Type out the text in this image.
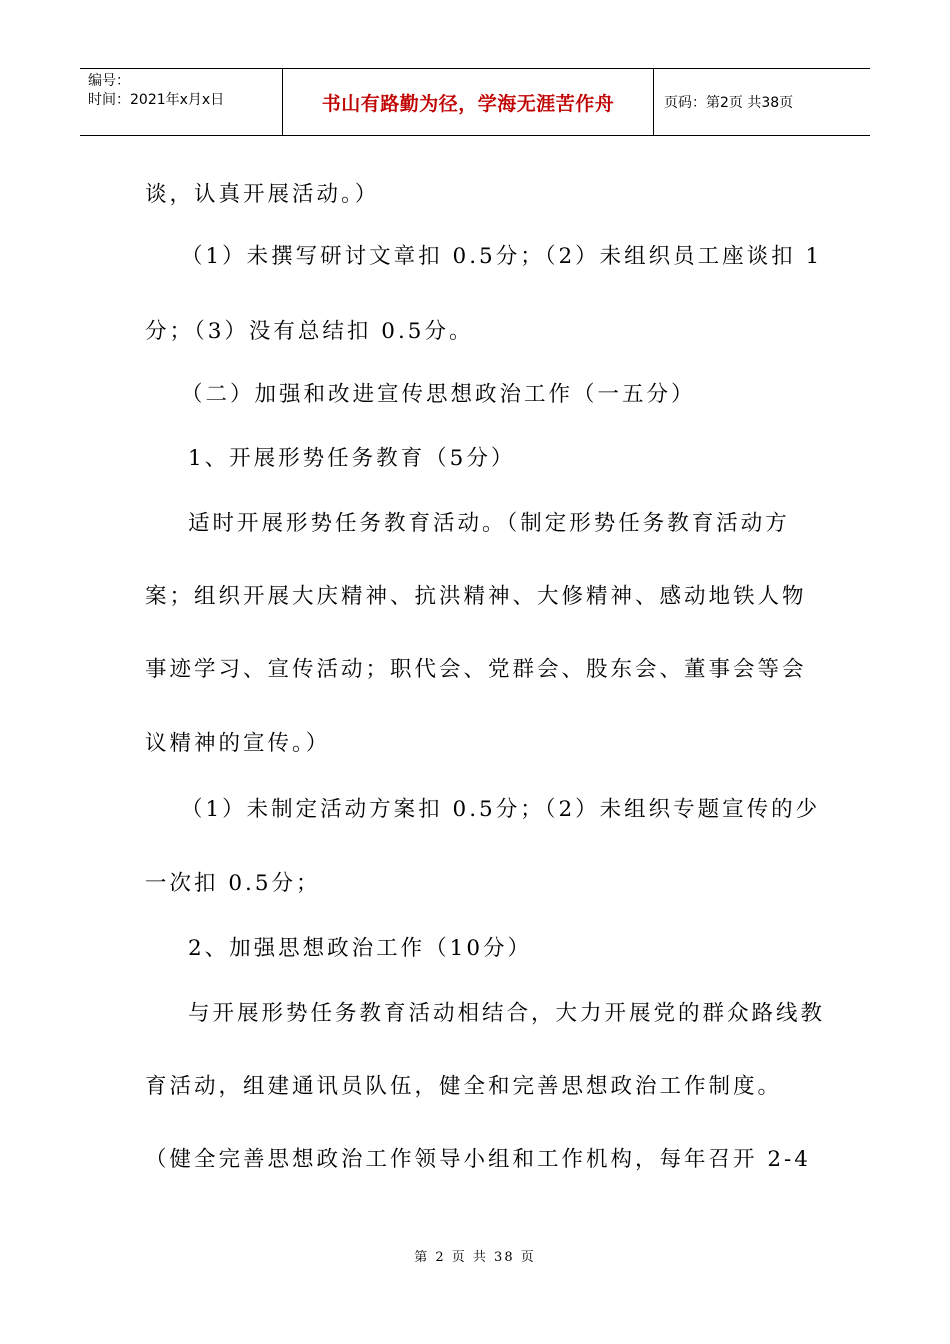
编号：
时间：2021年x月x日	书山有路勤为径，学海无涯苦作舟	页码：第2页 共38页
谈，认真开展活动。）
（1）未撰写研讨文章扣 0.5分；（2）未组织员工座谈扣 1
分；（3）没有总结扣 0.5分。
（二）加强和改进宣传思想政治工作（一五分）
1、开展形势任务教育（5分）
适时开展形势任务教育活动。（制定形势任务教育活动方
案；组织开展大庆精神、抗洪精神、大修精神、感动地铁人物
事迹学习、宣传活动；职代会、党群会、股东会、董事会等会
议精神的宣传。）
（1）未制定活动方案扣 0.5分；（2）未组织专题宣传的少
一次扣 0.5分；
2、加强思想政治工作（10分）
与开展形势任务教育活动相结合，大力开展党的群众路线教
育活动，组建通讯员队伍，健全和完善思想政治工作制度。
（健全完善思想政治工作领导小组和工作机构，每年召开 2-4
第 2 页 共 38 页
